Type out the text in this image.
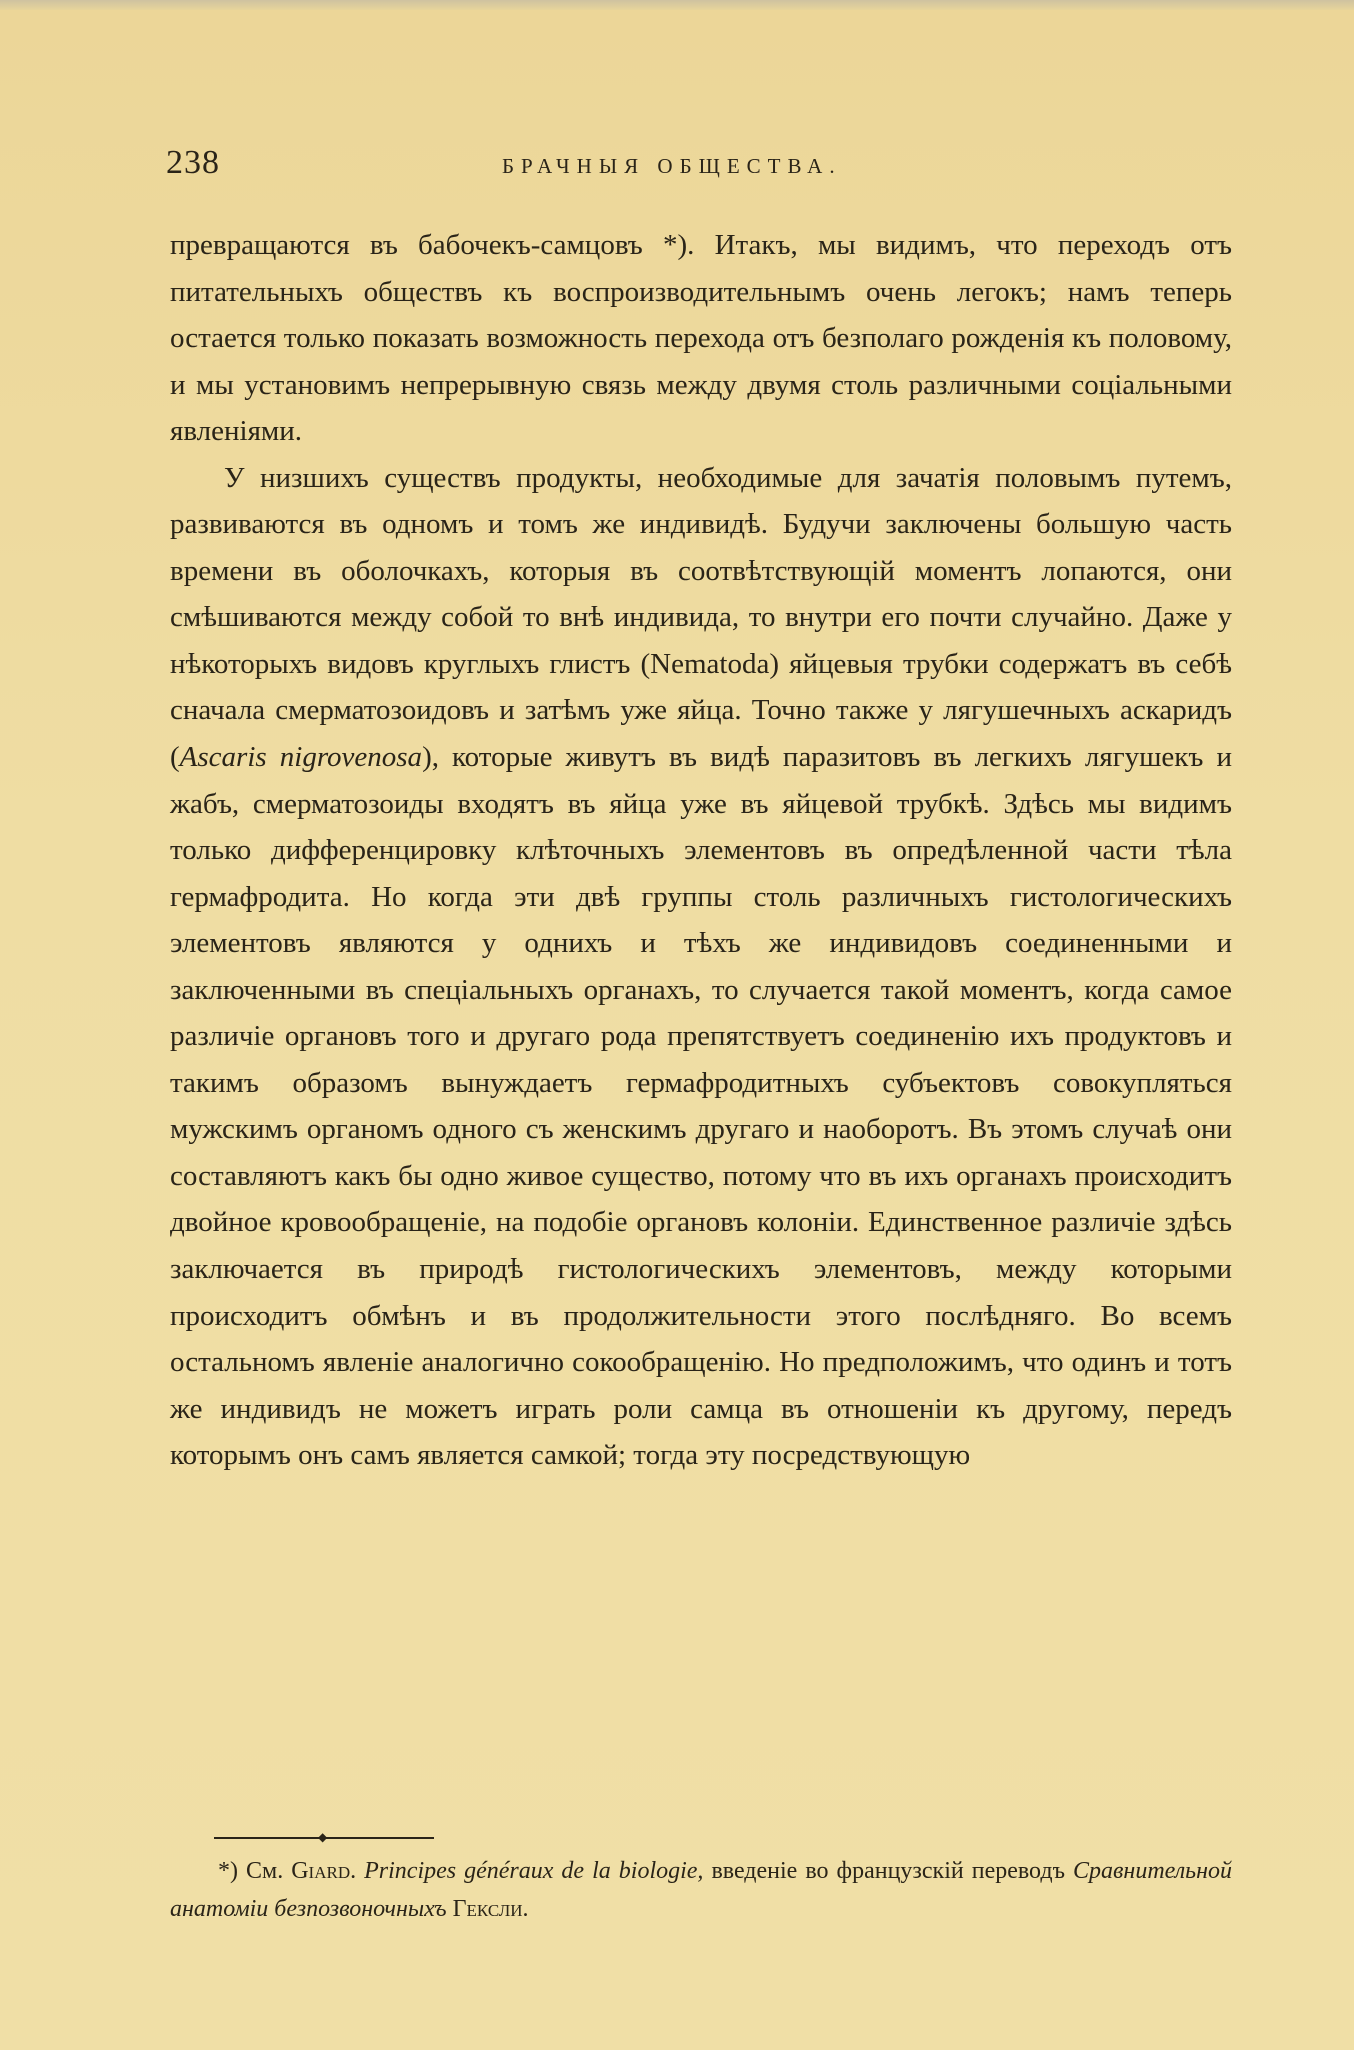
238	БРАЧНЫЯ ОБЩЕСТВА.

превращаются въ бабочекъ-самцовъ *). Итакъ, мы видимъ, что переходъ отъ питательныхъ обществъ къ воспроизводительнымъ очень легокъ; намъ теперь остается только показать возможность перехода отъ безполаго рожденія къ половому, и мы установимъ непрерывную связь между двумя столь различными соціальными явленіями.

У низшихъ существъ продукты, необходимые для зачатія половымъ путемъ, развиваются въ одномъ и томъ же индивидѣ. Будучи заключены большую часть времени въ оболочкахъ, которыя въ соотвѣтствующій моментъ лопаются, они смѣшиваются между собой то внѣ индивида, то внутри его почти случайно. Даже у нѣкоторыхъ видовъ круглыхъ глистъ (Nematoda) яйцевыя трубки содержатъ въ себѣ сначала смерматозоидовъ и затѣмъ уже яйца. Точно также у лягушечныхъ аскаридъ (Ascaris nigrovenosa), которые живутъ въ видѣ паразитовъ въ легкихъ лягушекъ и жабъ, смерматозоиды входятъ въ яйца уже въ яйцевой трубкѣ. Здѣсь мы видимъ только дифференцировку клѣточныхъ элементовъ въ опредѣленной части тѣла гермафродита. Но когда эти двѣ группы столь различныхъ гистологическихъ элементовъ являются у однихъ и тѣхъ же индивидовъ соединенными и заключенными въ спеціальныхъ органахъ, то случается такой моментъ, когда самое различіе органовъ того и другаго рода препятствуетъ соединенію ихъ продуктовъ и такимъ образомъ вынуждаетъ гермафродитныхъ субъектовъ совокупляться мужскимъ органомъ одного съ женскимъ другаго и наоборотъ. Въ этомъ случаѣ они составляютъ какъ бы одно живое существо, потому что въ ихъ органахъ происходитъ двойное кровообращеніе, на подобіе органовъ колоніи. Единственное различіе здѣсь заключается въ природѣ гистологическихъ элементовъ, между которыми происходитъ обмѣнъ и въ продолжительности этого послѣдняго. Во всемъ остальномъ явленіе аналогично сокообращенію. Но предположимъ, что одинъ и тотъ же индивидъ не можетъ играть роли самца въ отношеніи къ другому, передъ которымъ онъ самъ является самкой; тогда эту посредствующую

◆
*) См. Giard. Principes généraux de la biologie, введеніе во французскій переводъ Сравнительной анатоміи безпозвоночныхъ Гексли.
